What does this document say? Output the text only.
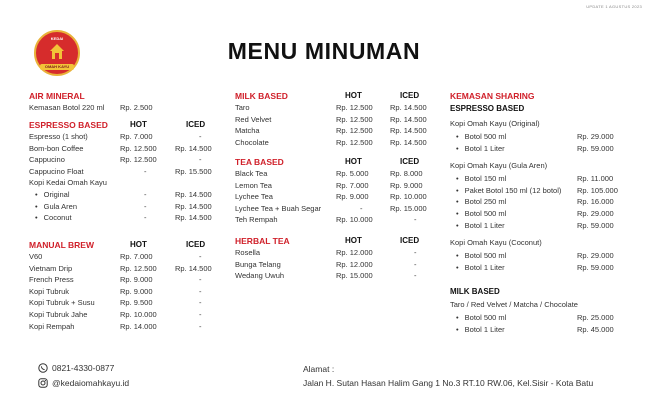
UPDATE 1 AGUSTUS 2023
KEDAI
OMAH KAYU
MENU MINUMAN
AIR MINERAL
Kemasan Botol 220 ml Rp. 2.500
ESPRESSO BASED	HOT	ICED
Espresso (1 shot)	Rp. 7.000	-
Bom-bon Coffee	Rp. 12.500 Rp. 14.500
Cappucino	Rp. 12.500	-
Cappucino Float	-	Rp. 15.500
Kopi Kedai Omah Kayu
• Original	-	Rp. 14.500
• Gula Aren	-	Rp. 14.500
• Coconut	-	Rp. 14.500
MANUAL BREW	HOT	ICED
V60	Rp. 7.000	-
Vietnam Drip	Rp. 12.500 Rp. 14.500
French Press	Rp. 9.000	-
Kopi Tubruk	Rp. 9.000	-
Kopi Tubruk + Susu	Rp. 9.500	-
Kopi Tubruk Jahe	Rp. 10.000	-
Kopi Rempah	Rp. 14.000	-
MILK BASED	HOT	ICED
Taro	Rp. 12.500 Rp. 14.500
Red Velvet	Rp. 12.500 Rp. 14.500
Matcha	Rp. 12.500 Rp. 14.500
Chocolate	Rp. 12.500 Rp. 14.500
TEA BASED	HOT	ICED
Black Tea	Rp. 5.000	Rp. 8.000
Lemon Tea	Rp. 7.000	Rp. 9.000
Lychee Tea	Rp. 9.000	Rp. 10.000
Lychee Tea + Buah Segar	-	Rp. 15.000
Teh Rempah	Rp. 10.000	-
HERBAL TEA	HOT	ICED
Rosella	Rp. 12.000	-
Bunga Telang	Rp. 12.000	-
Wedang Uwuh	Rp. 15.000	-
KEMASAN SHARING
ESPRESSO BASED
Kopi Omah Kayu (Original)
• Botol 500 ml	Rp. 29.000
• Botol 1 Liter	Rp. 59.000
Kopi Omah Kayu (Gula Aren)
• Botol 150 ml	Rp. 11.000
• Paket Botol 150 ml (12 botol) Rp. 105.000
• Botol 250 ml	Rp. 16.000
• Botol 500 ml	Rp. 29.000
• Botol 1 Liter	Rp. 59.000
Kopi Omah Kayu (Coconut)
• Botol 500 ml	Rp. 29.000
• Botol 1 Liter	Rp. 59.000
MILK BASED
Taro / Red Velvet / Matcha / Chocolate
• Botol 500 ml	Rp. 25.000
• Botol 1 Liter	Rp. 45.000
0821-4330-0877
@kedaiomahkayu.id
Alamat :
Jalan H. Sutan Hasan Halim Gang 1 No.3 RT.10 RW.06, Kel.Sisir - Kota Batu
